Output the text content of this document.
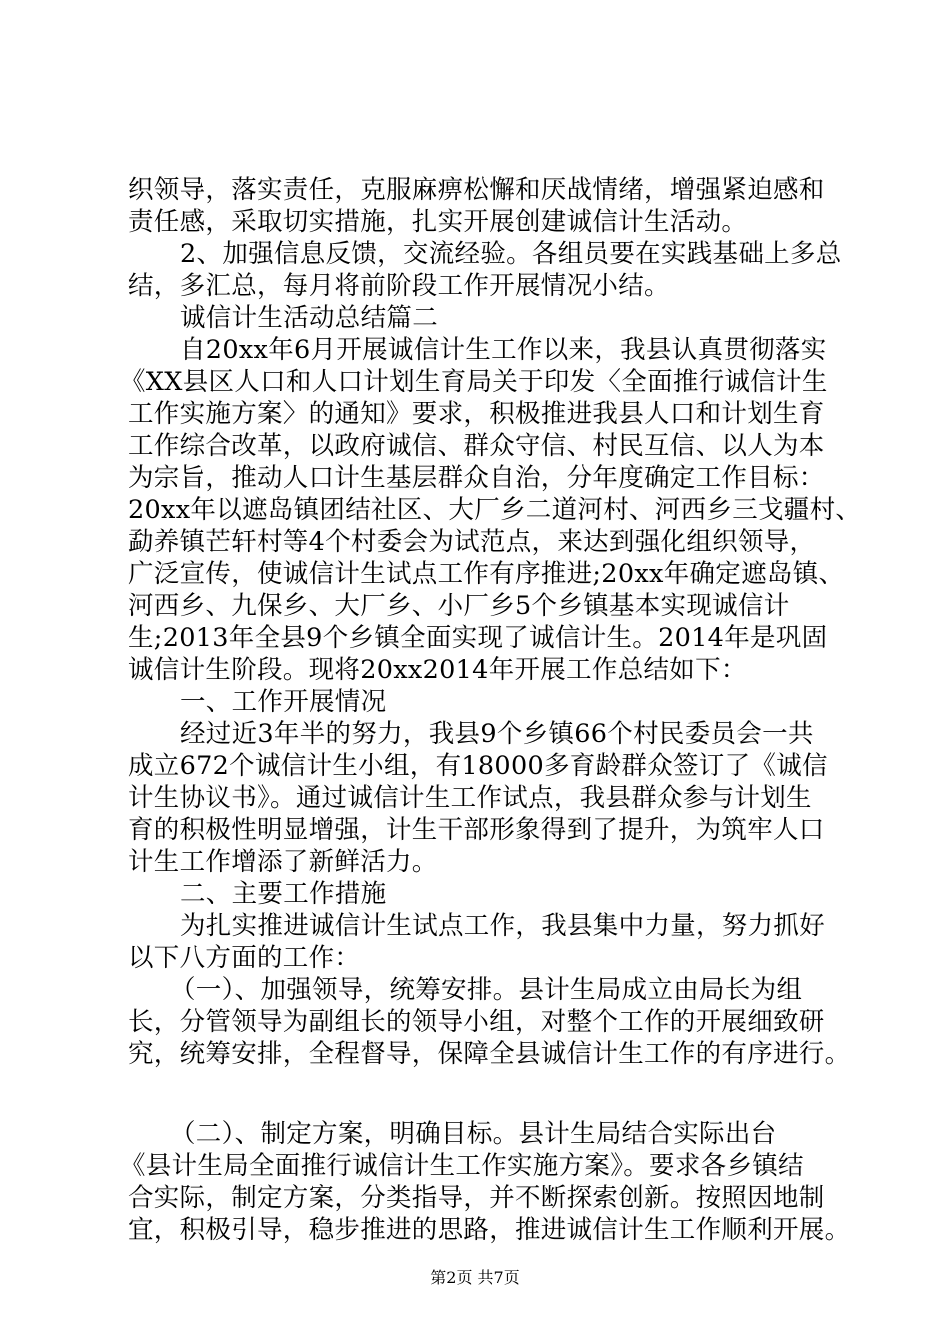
织领导，落实责任，克服麻痹松懈和厌战情绪，增强紧迫感和
责任感，采取切实措施，扎实开展创建诚信计生活动。
2、加强信息反馈，交流经验。各组员要在实践基础上多总
结，多汇总，每月将前阶段工作开展情况小结。
诚信计生活动总结篇二
自20xx年6月开展诚信计生工作以来，我县认真贯彻落实
《XX县区人口和人口计划生育局关于印发〈全面推行诚信计生
工作实施方案〉的通知》要求，积极推进我县人口和计划生育
工作综合改革，以政府诚信、群众守信、村民互信、以人为本
为宗旨，推动人口计生基层群众自治，分年度确定工作目标：
20xx年以遮岛镇团结社区、大厂乡二道河村、河西乡三戈疆村、
勐养镇芒轩村等4个村委会为试范点，来达到强化组织领导，
广泛宣传，使诚信计生试点工作有序推进;20xx年确定遮岛镇、
河西乡、九保乡、大厂乡、小厂乡5个乡镇基本实现诚信计
生;2013年全县9个乡镇全面实现了诚信计生。2014年是巩固
诚信计生阶段。现将20xx2014年开展工作总结如下：
一、工作开展情况
经过近3年半的努力，我县9个乡镇66个村民委员会一共
成立672个诚信计生小组，有18000多育龄群众签订了《诚信
计生协议书》。通过诚信计生工作试点，我县群众参与计划生
育的积极性明显增强，计生干部形象得到了提升，为筑牢人口
计生工作增添了新鲜活力。
二、主要工作措施
为扎实推进诚信计生试点工作，我县集中力量，努力抓好
以下八方面的工作：
（一）、加强领导，统筹安排。县计生局成立由局长为组
长，分管领导为副组长的领导小组，对整个工作的开展细致研
究，统筹安排，全程督导，保障全县诚信计生工作的有序进行。
（二）、制定方案，明确目标。县计生局结合实际出台
《县计生局全面推行诚信计生工作实施方案》。要求各乡镇结
合实际，制定方案，分类指导，并不断探索创新。按照因地制
宜，积极引导，稳步推进的思路，推进诚信计生工作顺利开展。
第2页 共7页
